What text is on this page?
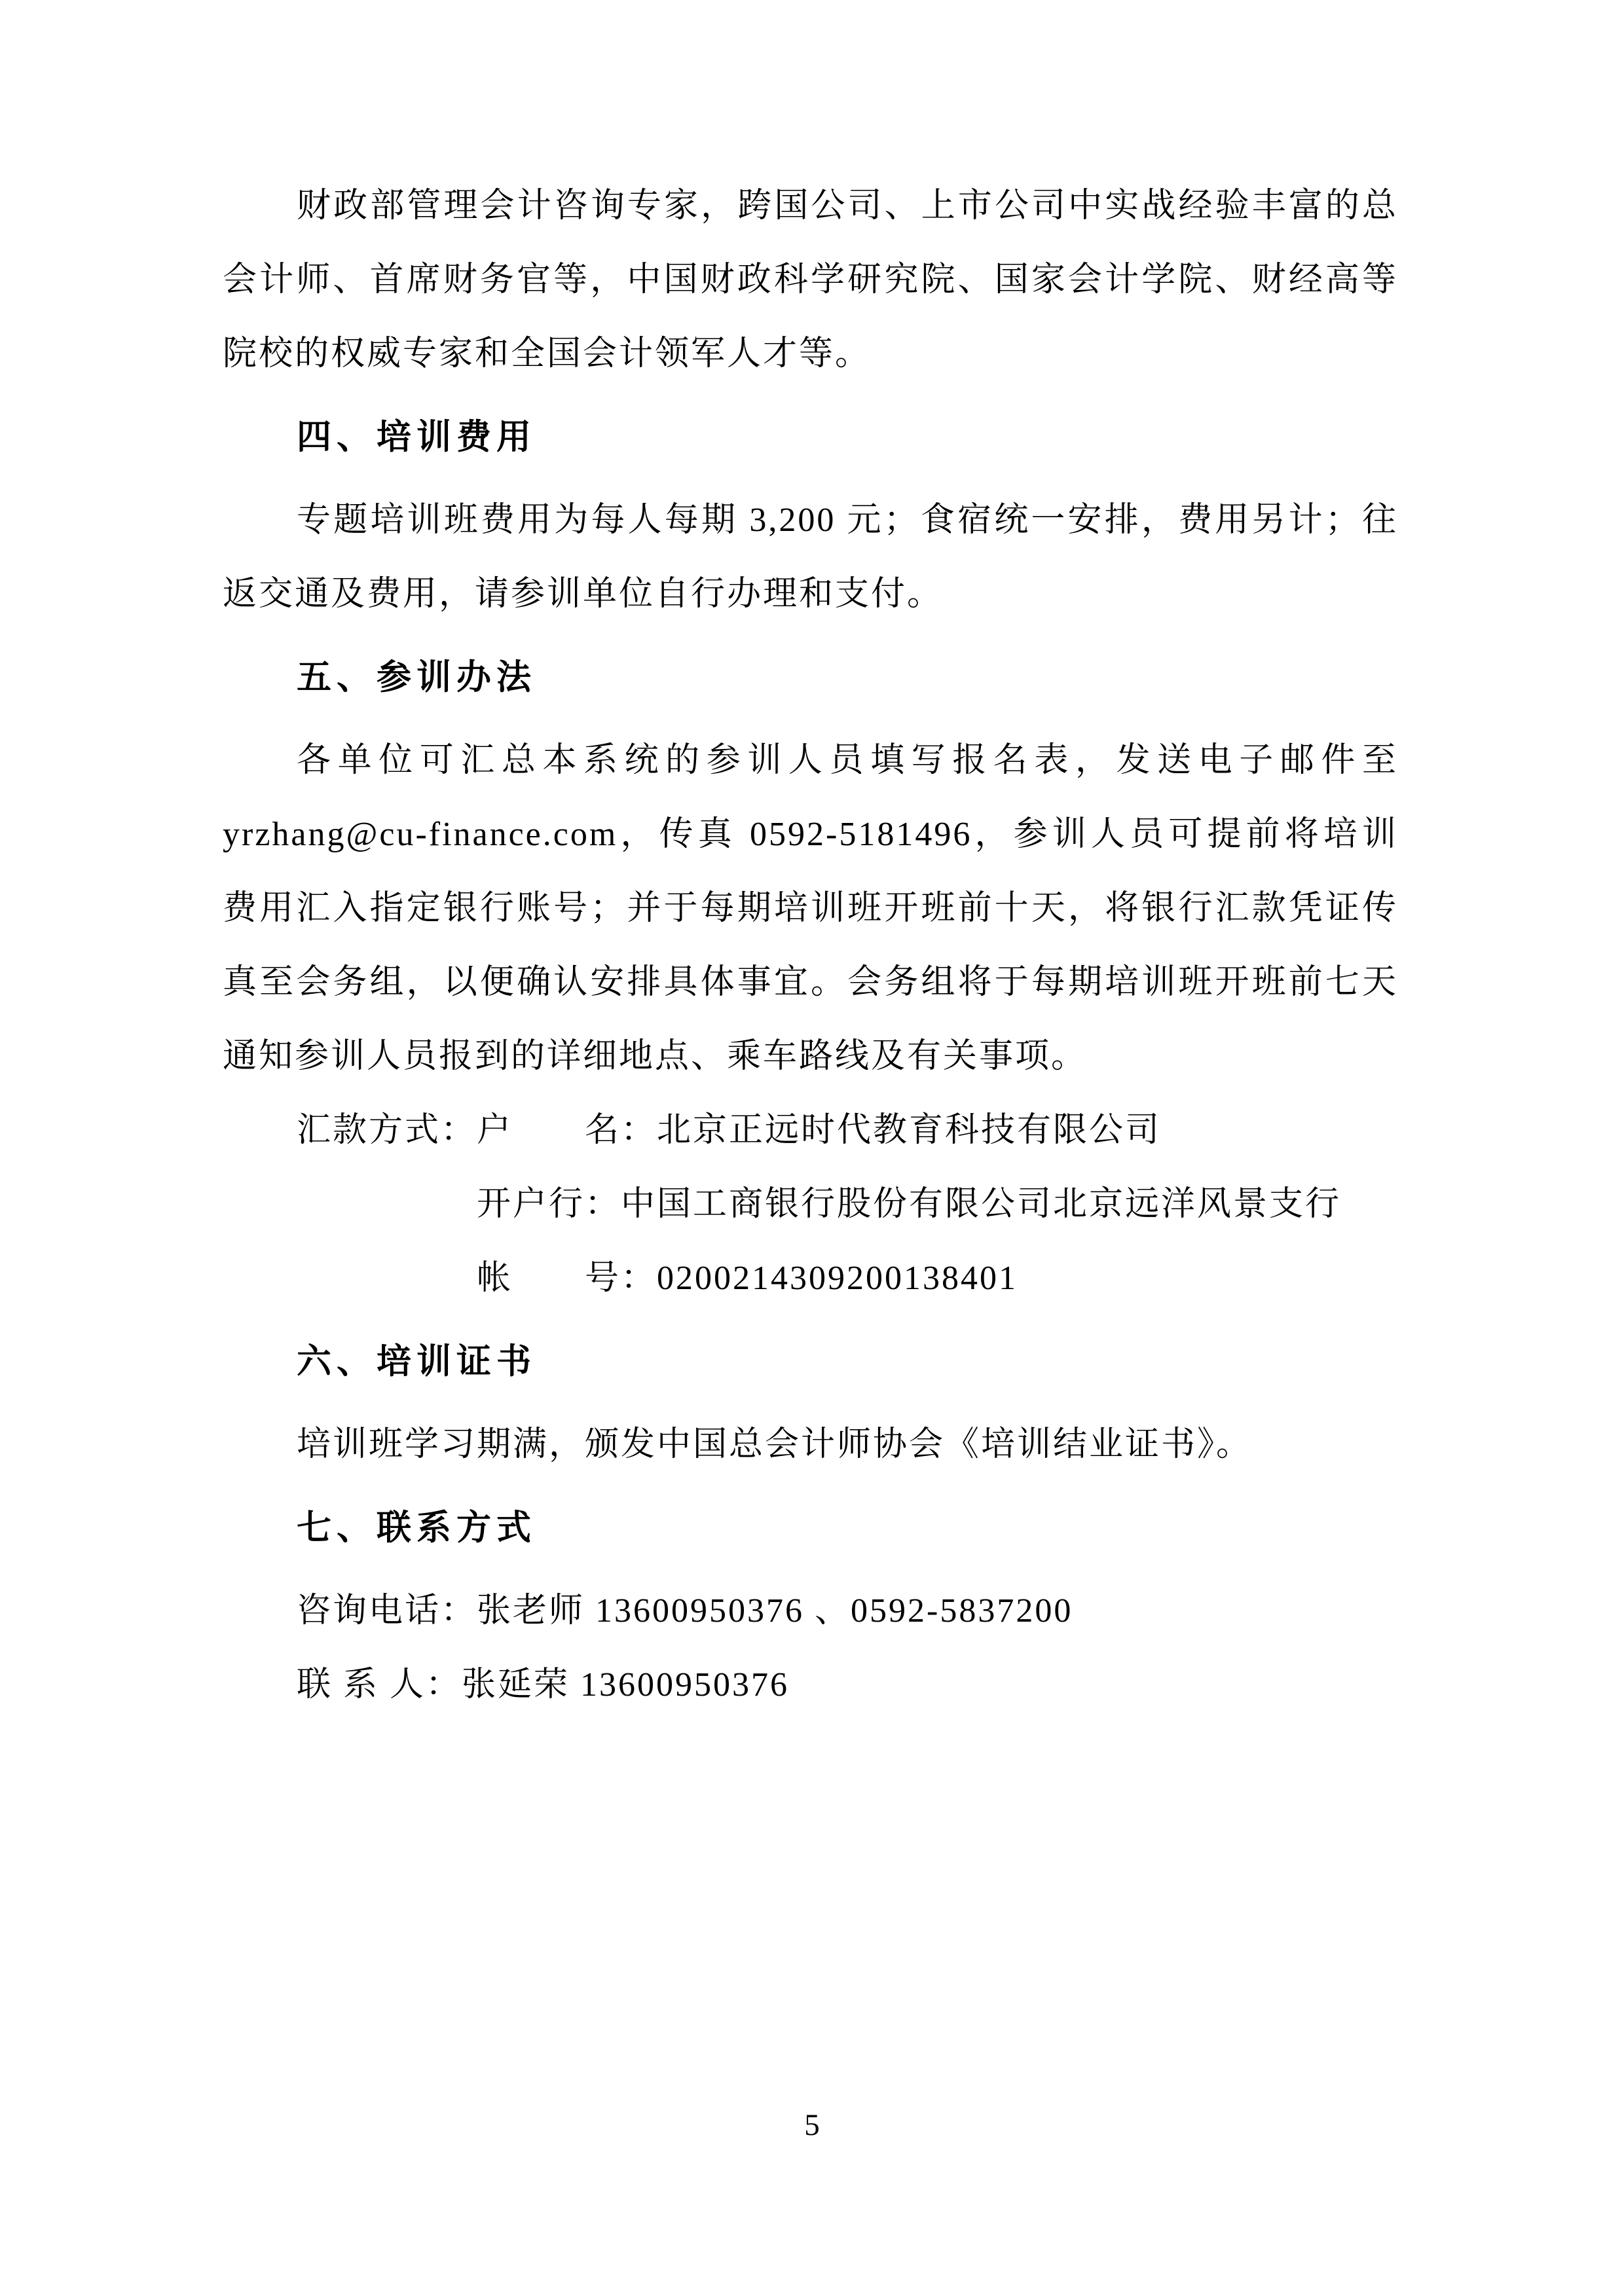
财政部管理会计咨询专家，跨国公司、上市公司中实战经验丰富的总
会计师、首席财务官等，中国财政科学研究院、国家会计学院、财经高等
院校的权威专家和全国会计领军人才等。
四、培训费用
专题培训班费用为每人每期 3,200 元；食宿统一安排，费用另计；往
返交通及费用，请参训单位自行办理和支付。
五、参训办法
各单位可汇总本系统的参训人员填写报名表，发送电子邮件至
yrzhang@cu-finance.com，传真 0592-5181496，参训人员可提前将培训
费用汇入指定银行账号；并于每期培训班开班前十天，将银行汇款凭证传
真至会务组，以便确认安排具体事宜。会务组将于每期培训班开班前七天
通知参训人员报到的详细地点、乘车路线及有关事项。
汇款方式：户　　名：北京正远时代教育科技有限公司
开户行：中国工商银行股份有限公司北京远洋风景支行
帐　　号：0200214309200138401
六、培训证书
培训班学习期满，颁发中国总会计师协会《培训结业证书》。
七、联系方式
咨询电话：张老师 13600950376 、0592-5837200
联 系 人：张延荣 13600950376
5
